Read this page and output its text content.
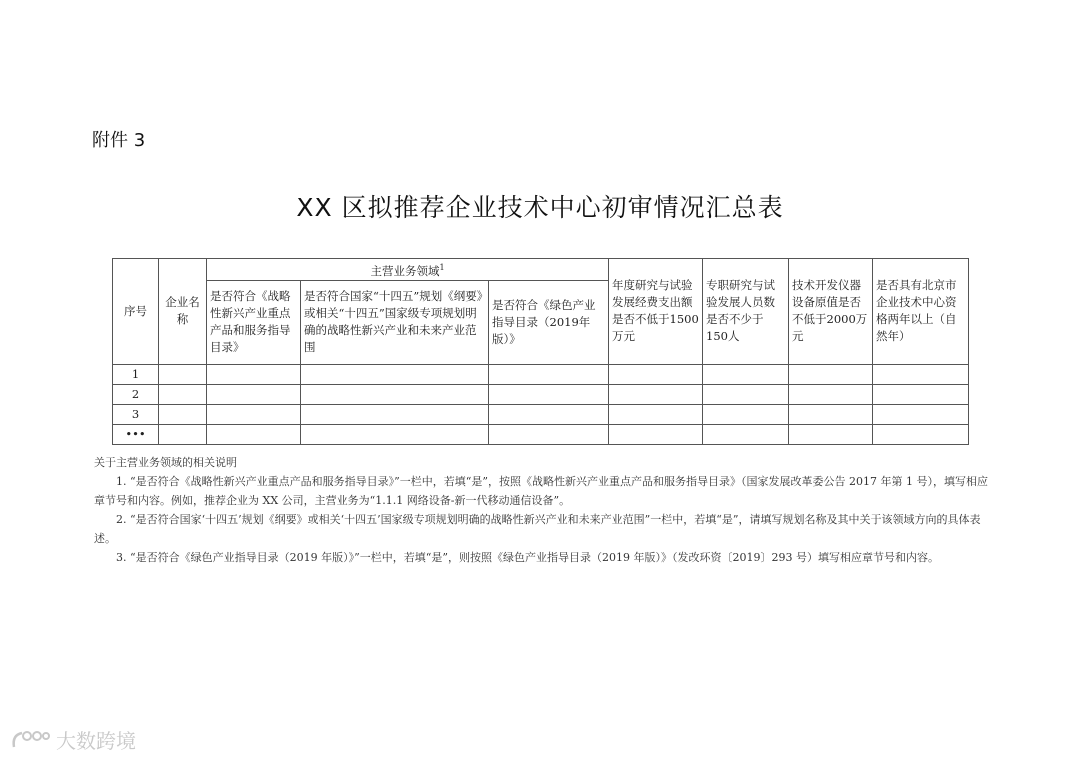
附件 3
XX 区拟推荐企业技术中心初审情况汇总表
序号	企业名称	主营业务领域$^1$			年度研究与试验发展经费支出额是否不低于1500万元	专职研究与试验发展人员数是否不少于150人	技术开发仪器设备原值是否不低于2000万元	是否具有北京市企业技术中心资格两年以上（自然年）
		是否符合《战略性新兴产业重点产品和服务指导目录》	是否符合国家“十四五”规划《纲要》或相关“十四五”国家级专项规划明确的战略性新兴产业和未来产业范围	是否符合《绿色产业指导目录（2019年版）》				
1								
2								
3								
•••								

关于主营业务领域的相关说明

1. “是否符合《战略性新兴产业重点产品和服务指导目录》”一栏中，若填“是”，按照《战略性新兴产业重点产品和服务指导目录》（国家发展改革委公告 2017 年第 1 号），填写相应章节号和内容。例如，推荐企业为 XX 公司，主营业务为“1.1.1 网络设备-新一代移动通信设备”。

2. “是否符合国家‘十四五’规划《纲要》或相关‘十四五’国家级专项规划明确的战略性新兴产业和未来产业范围”一栏中，若填“是”，请填写规划名称及其中关于该领域方向的具体表述。

3. “是否符合《绿色产业指导目录（2019 年版）》”一栏中，若填“是”，则按照《绿色产业指导目录（2019 年版）》（发改环资〔2019〕293 号）填写相应章节号和内容。

大数跨境
